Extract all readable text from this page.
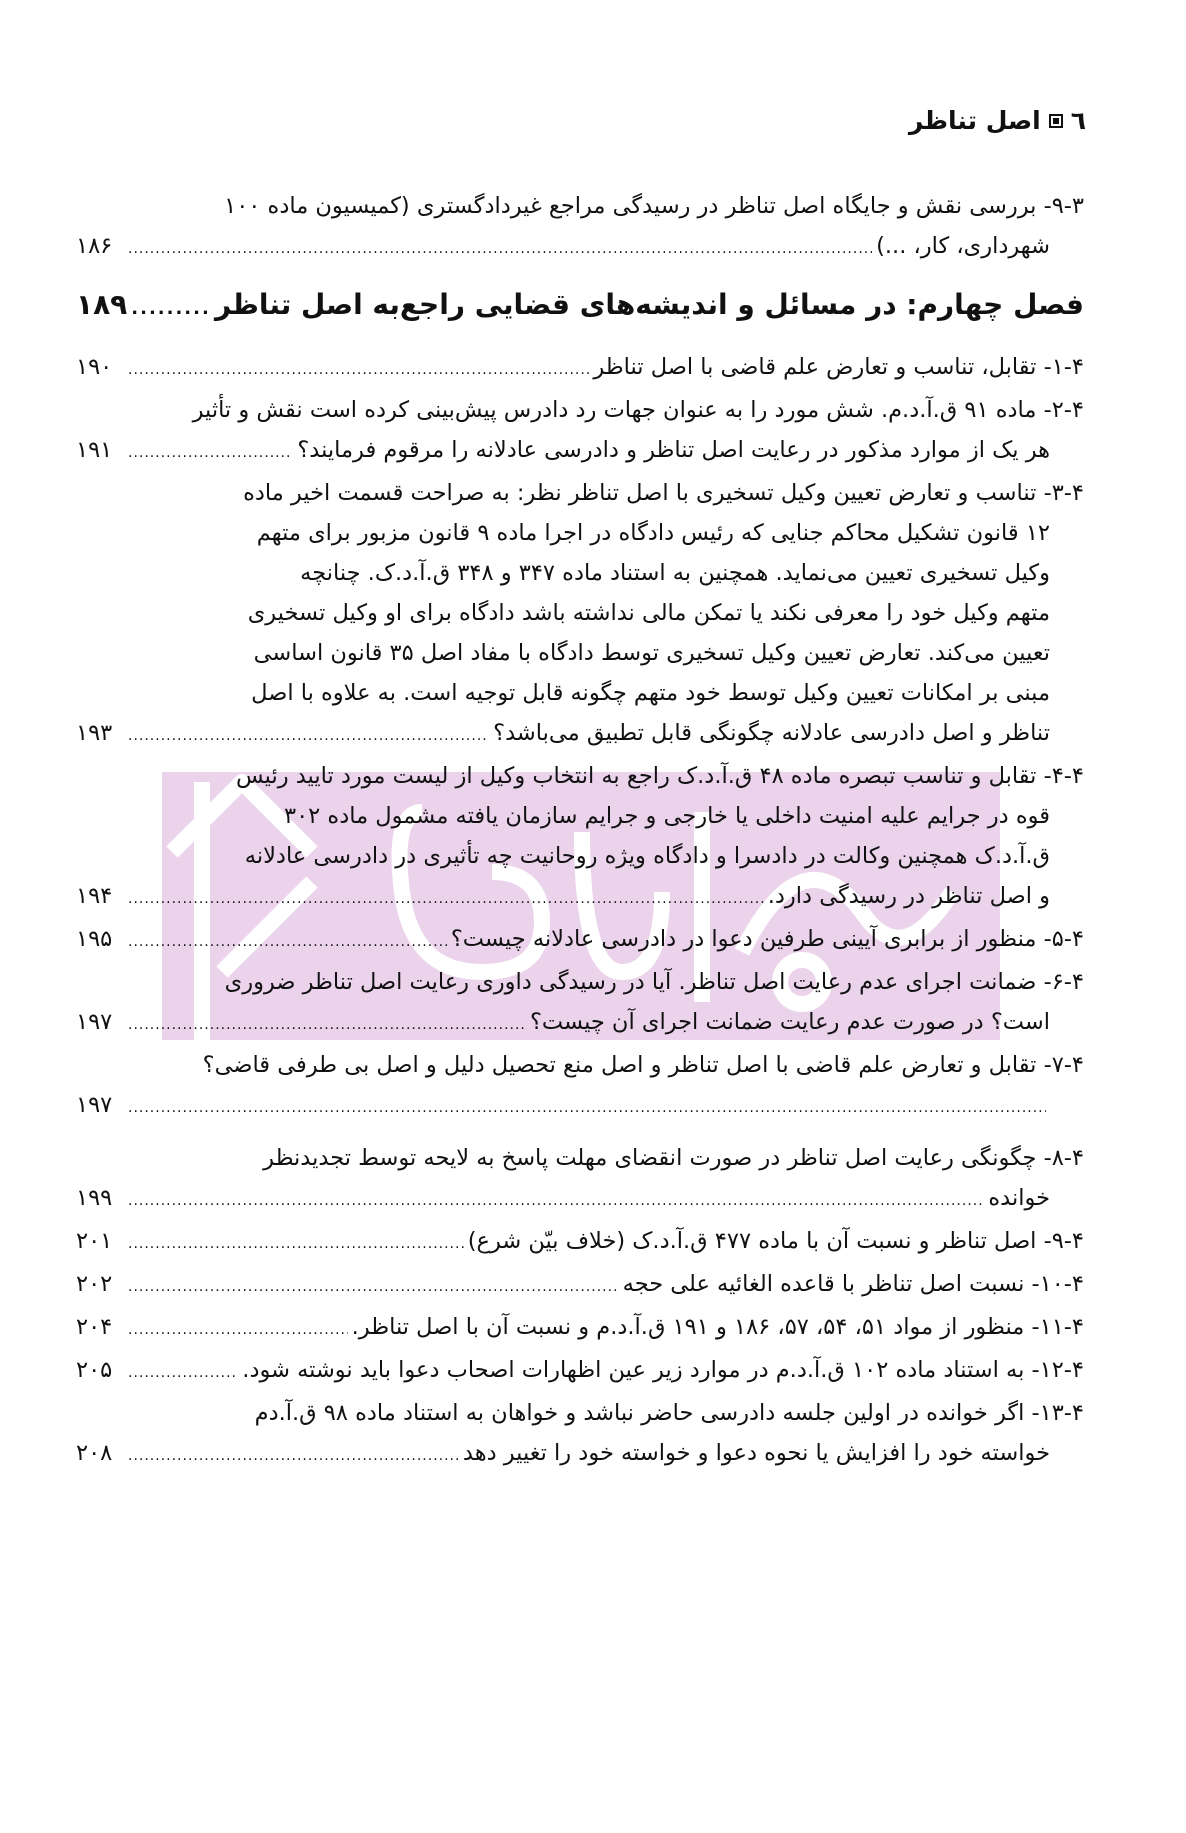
٦
اصل تناظر
۹-۳- بررسی نقش و جایگاه اصل تناظر در رسیدگی مراجع غیردادگستری (کمیسیون ماده ۱۰۰
شهرداری، کار، ...)
.....
۱۸۶
فصل چهارم: در مسائل و اندیشه‌های قضایی راجع‌به اصل تناظر
.....
۱۸۹
۱-۴- تقابل، تناسب و تعارض علم قاضی با اصل تناظر
.....
۱۹۰
۲-۴- ماده ۹۱ ق.آ.د.م. شش مورد را به عنوان جهات رد دادرس پیش‌بینی کرده است نقش و تأثیر
هر یک از موارد مذکور در رعایت اصل تناظر و دادرسی عادلانه را مرقوم فرمایند؟
.....
۱۹۱
۳-۴- تناسب و تعارض تعیین وکیل تسخیری با اصل تناظر نظر: به صراحت قسمت اخیر ماده
۱۲ قانون تشکیل محاکم جنایی که رئیس دادگاه در اجرا ماده ۹ قانون مزبور برای متهم
وکیل تسخیری تعیین می‌نماید. همچنین به استناد ماده ۳۴۷ و ۳۴۸ ق.آ.د.ک. چنانچه
متهم وکیل خود را معرفی نکند یا تمکن مالی نداشته باشد دادگاه برای او وکیل تسخیری
تعیین می‌کند. تعارض تعیین وکیل تسخیری توسط دادگاه با مفاد اصل ۳۵ قانون اساسی
مبنی بر امکانات تعیین وکیل توسط خود متهم چگونه قابل توجیه است. به علاوه با اصل
تناظر و اصل دادرسی عادلانه چگونگی قابل تطبیق می‌باشد؟
.....
۱۹۳
۴-۴- تقابل و تناسب تبصره ماده ۴۸ ق.آ.د.ک راجع به انتخاب وکیل از لیست مورد تایید رئیس
قوه در جرایم علیه امنیت داخلی یا خارجی و جرایم سازمان یافته مشمول ماده ۳۰۲
ق.آ.د.ک همچنین وکالت در دادسرا و دادگاه ویژه روحانیت چه تأثیری در دادرسی عادلانه
و اصل تناظر در رسیدگی دارد.
.....
۱۹۴
۵-۴- منظور از برابری آیینی طرفین دعوا در دادرسی عادلانه چیست؟
.....
۱۹۵
۶-۴- ضمانت اجرای عدم رعایت اصل تناظر. آیا در رسیدگی داوری رعایت اصل تناظر ضروری
است؟ در صورت عدم رعایت ضمانت اجرای آن چیست؟
.....
۱۹۷
۷-۴- تقابل و تعارض علم قاضی با اصل تناظر و اصل منع تحصیل دلیل و اصل بی طرفی قاضی؟
.....
۱۹۷
۸-۴- چگونگی رعایت اصل تناظر در صورت انقضای مهلت پاسخ به لایحه توسط تجدیدنظر
خوانده
.....
۱۹۹
۹-۴- اصل تناظر و نسبت آن با ماده ۴۷۷ ق.آ.د.ک (خلاف بیّن شرع)
.....
۲۰۱
۱۰-۴- نسبت اصل تناظر با قاعده الغائیه علی حجه
.....
۲۰۲
۱۱-۴- منظور از مواد ۵۱، ۵۴، ۵۷، ۱۸۶ و ۱۹۱ ق.آ.د.م و نسبت آن با اصل تناظر.
.....
۲۰۴
۱۲-۴- به استناد ماده ۱۰۲ ق.آ.د.م در موارد زیر عین اظهارات اصحاب دعوا باید نوشته شود.
.....
۲۰۵
۱۳-۴- اگر خوانده در اولین جلسه دادرسی حاضر نباشد و خواهان به استناد ماده ۹۸ ق.آ.دم
خواسته خود را افزایش یا نحوه دعوا و خواسته خود را تغییر دهد
.....
۲۰۸
